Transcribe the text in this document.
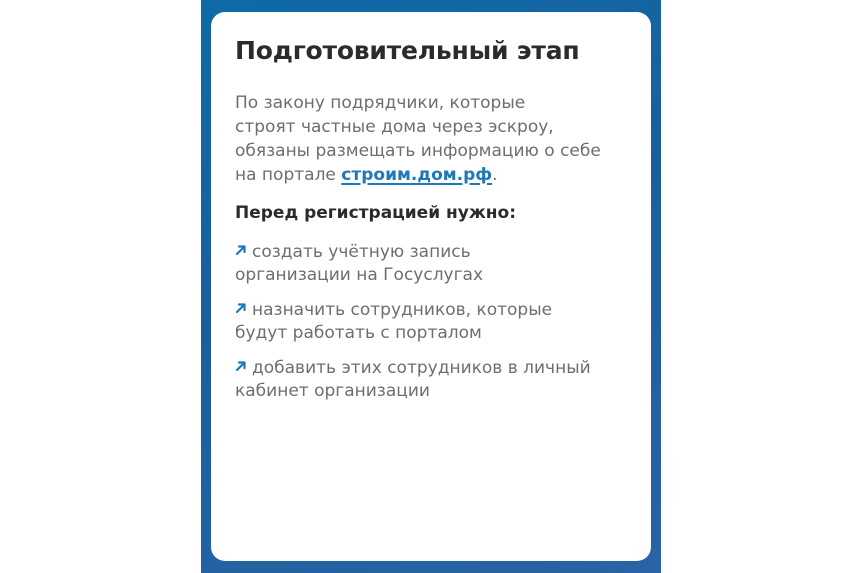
Подготовительный этап

По закону подрядчики, которые
строят частные дома через эскроу,
обязаны размещать информацию о себе
на портале строим.дом.рф.

Перед регистрацией нужно:
создать учётную запись
организации на Госуслугах
назначить сотрудников, которые
будут работать с порталом
добавить этих сотрудников в личный
кабинет организации
